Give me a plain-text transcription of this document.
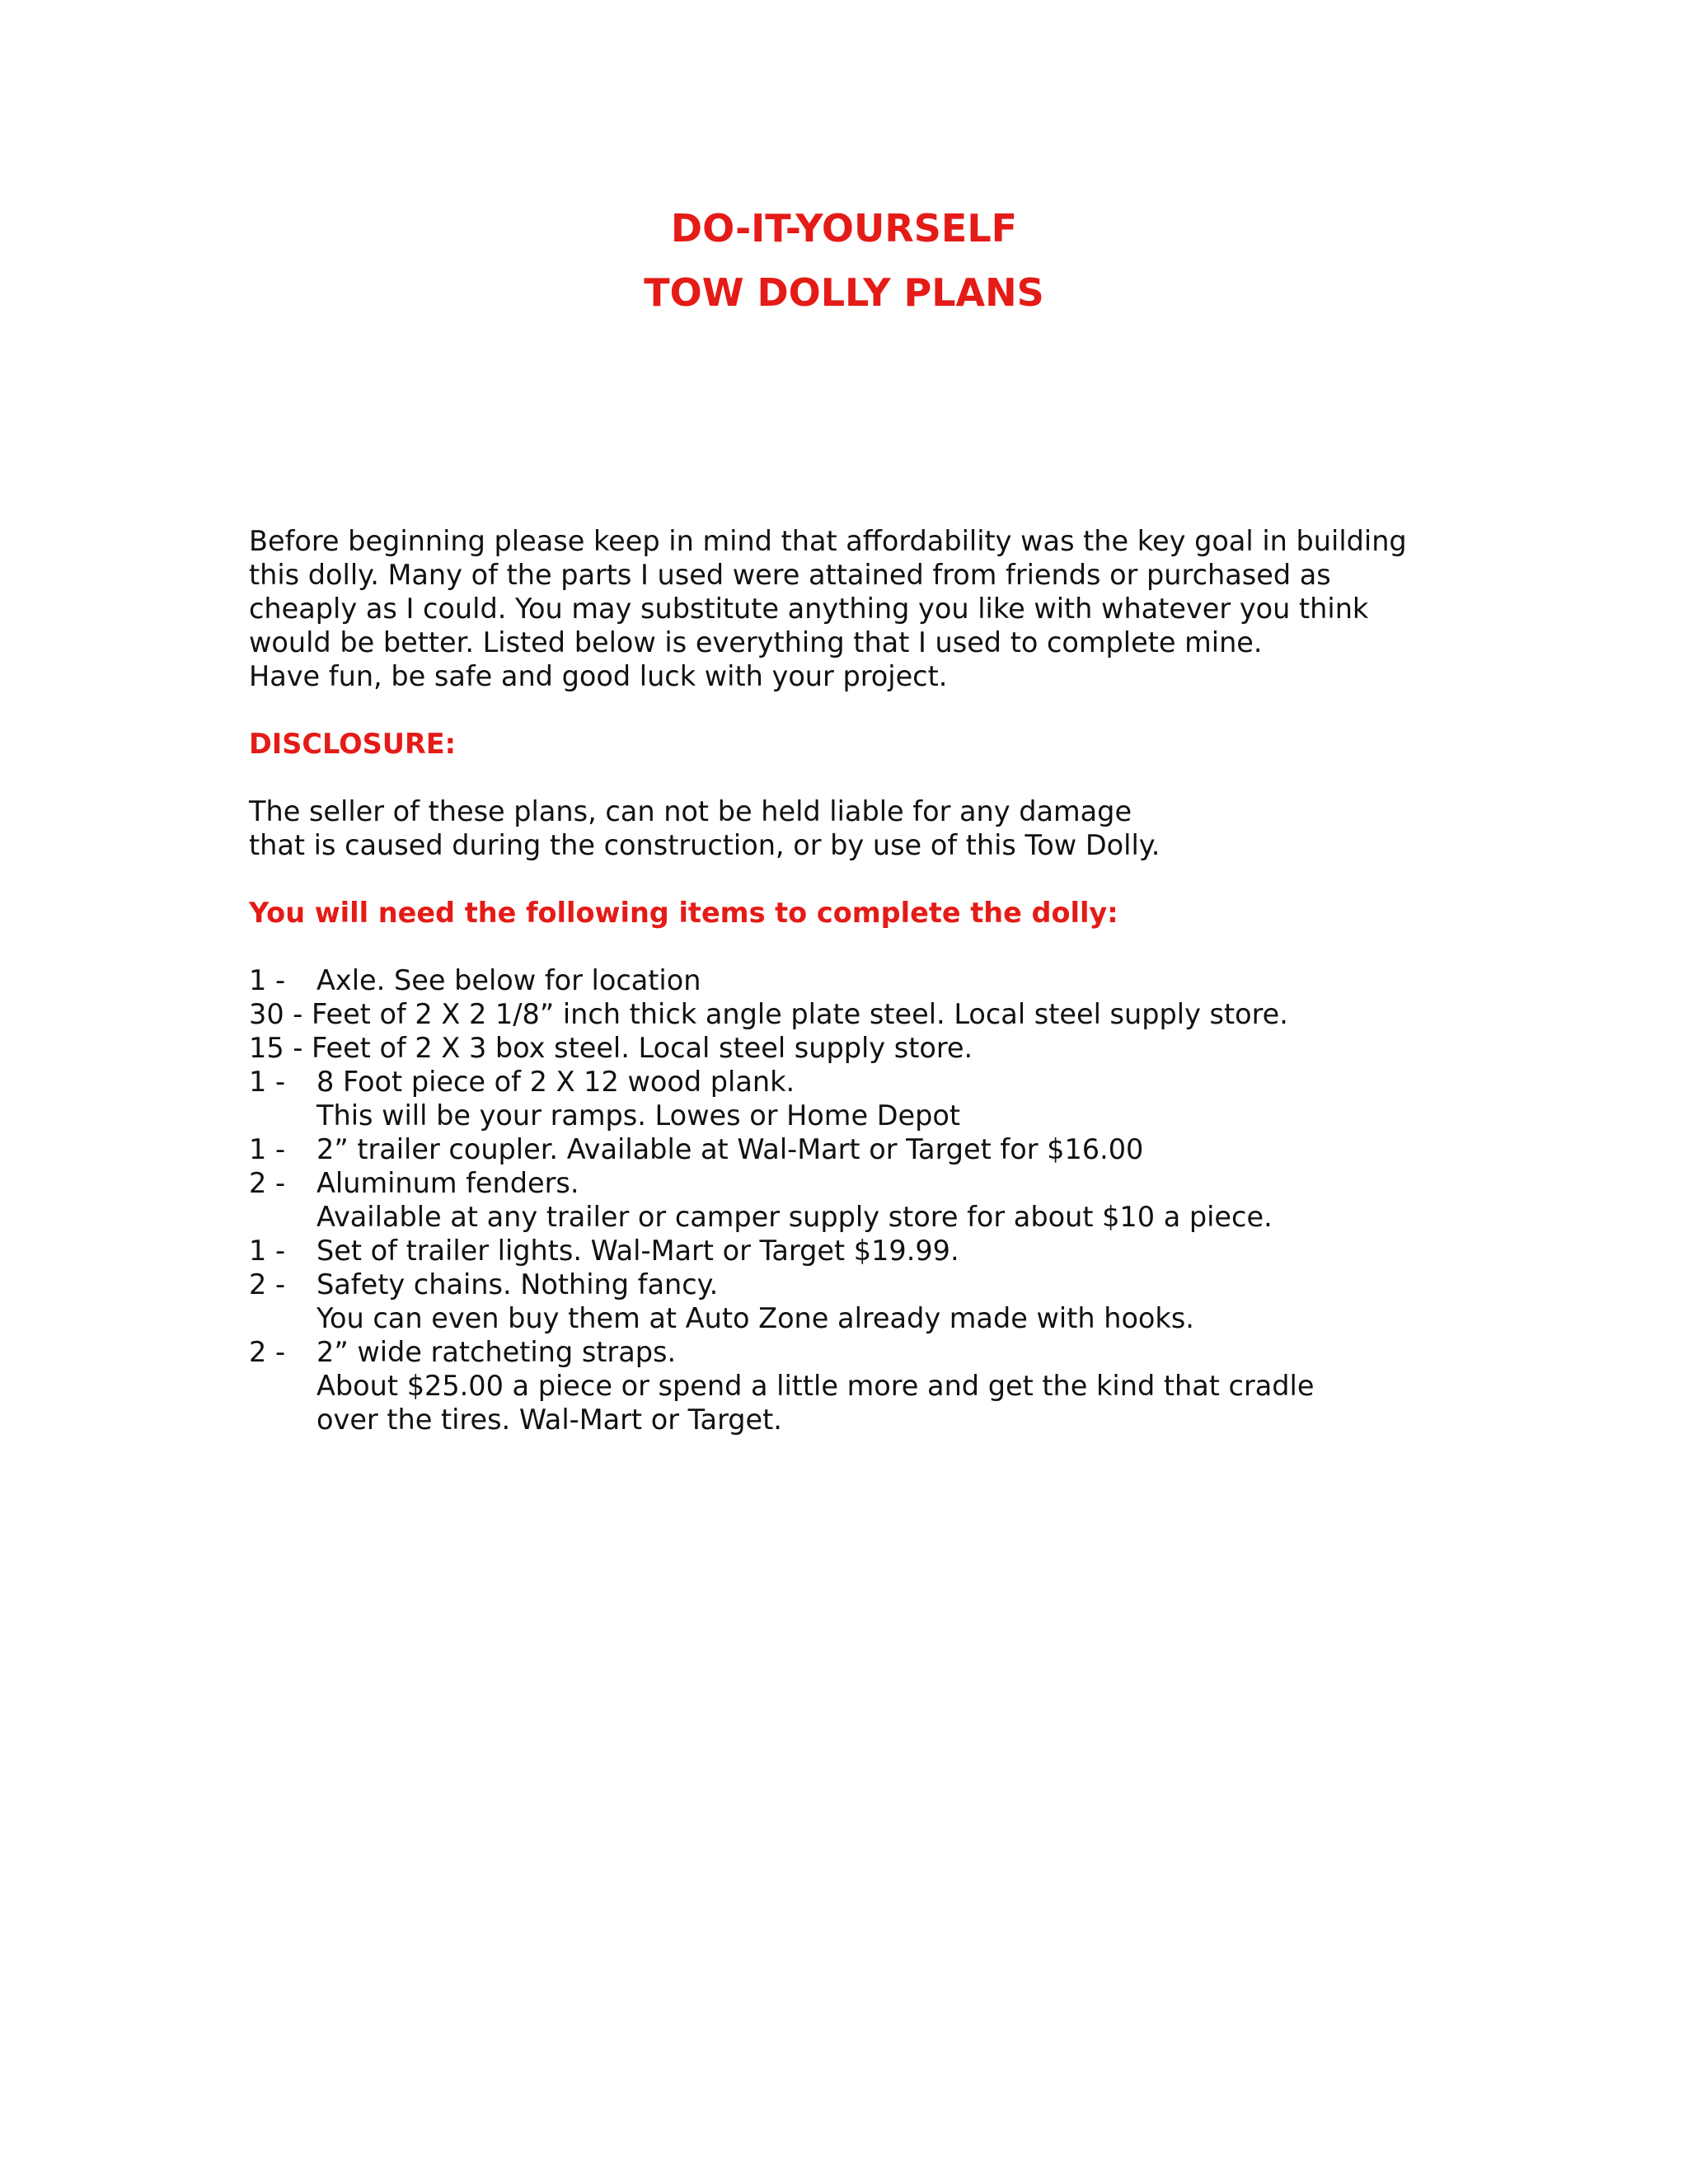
DO-IT-YOURSELF
TOW DOLLY PLANS

Before beginning please keep in mind that affordability was the key goal in building
this dolly. Many of the parts I used were attained from friends or purchased as
cheaply as I could. You may substitute anything you like with whatever you think
would be better. Listed below is everything that I used to complete mine.
Have fun, be safe and good luck with your project.

DISCLOSURE:

The seller of these plans, can not be held liable for any damage
that is caused during the construction, or by use of this Tow Dolly.

You will need the following items to complete the dolly:

1 - Axle. See below for location
30 - Feet of 2 X 2 1/8” inch thick angle plate steel. Local steel supply store.
15 - Feet of 2 X 3 box steel. Local steel supply store.
1 - 8 Foot piece of 2 X 12 wood plank.
This will be your ramps. Lowes or Home Depot
1 - 2” trailer coupler. Available at Wal-Mart or Target for $16.00
2 - Aluminum fenders.
Available at any trailer or camper supply store for about $10 a piece.
1 - Set of trailer lights. Wal-Mart or Target $19.99.
2 - Safety chains. Nothing fancy.
You can even buy them at Auto Zone already made with hooks.
2 - 2” wide ratcheting straps.
About $25.00 a piece or spend a little more and get the kind that cradle
over the tires. Wal-Mart or Target.
